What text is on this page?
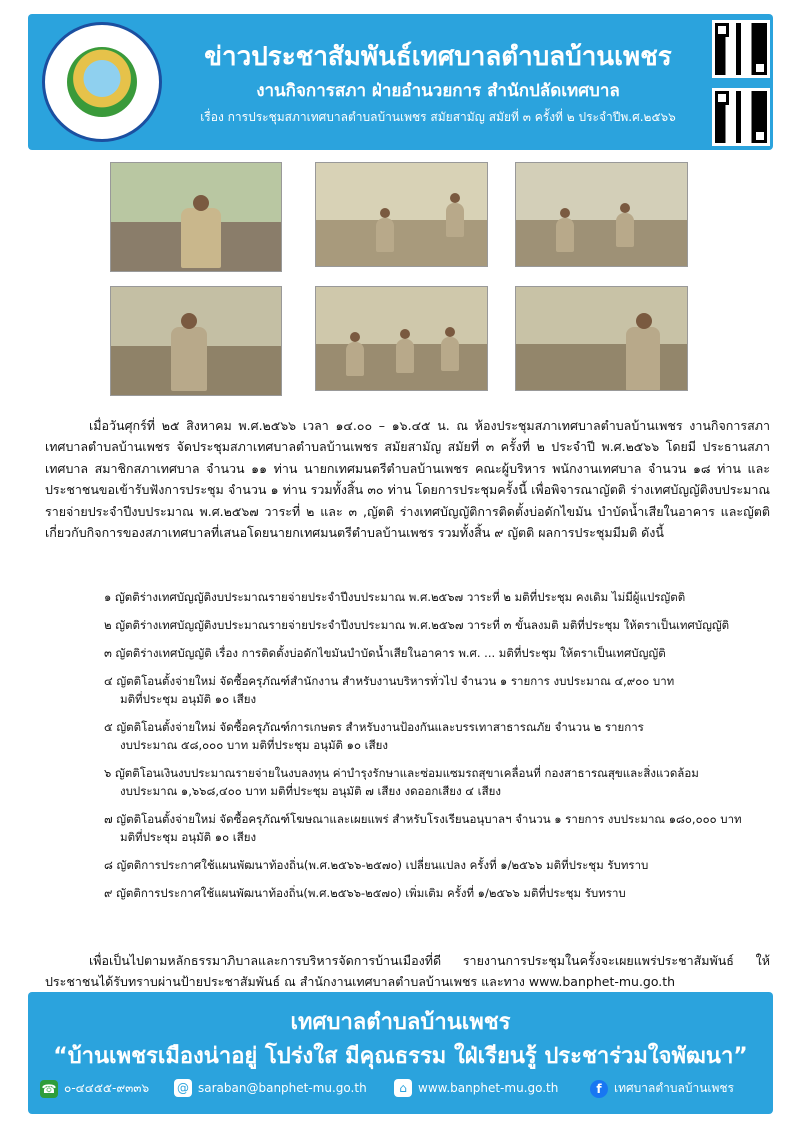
ข่าวประชาสัมพันธ์เทศบาลตำบลบ้านเพชร
งานกิจการสภา ฝ่ายอำนวยการ สำนักปลัดเทศบาล
เรื่อง การประชุมสภาเทศบาลตำบลบ้านเพชร สมัยสามัญ สมัยที่ ๓ ครั้งที่ ๒ ประจำปีพ.ศ.๒๕๖๖

เมื่อวันศุกร์ที่ ๒๕ สิงหาคม พ.ศ.๒๕๖๖ เวลา ๑๔.๐๐ – ๑๖.๔๕ น. ณ ห้องประชุมสภาเทศบาลตำบลบ้านเพชร งานกิจการสภาเทศบาลตำบลบ้านเพชร จัดประชุมสภาเทศบาลตำบลบ้านเพชร สมัยสามัญ สมัยที่ ๓ ครั้งที่ ๒ ประจำปี พ.ศ.๒๕๖๖ โดยมี ประธานสภาเทศบาล สมาชิกสภาเทศบาล จำนวน ๑๑ ท่าน นายกเทศมนตรีตำบลบ้านเพชร คณะผู้บริหาร พนักงานเทศบาล จำนวน ๑๘ ท่าน และประชาชนขอเข้ารับฟังการประชุม จำนวน ๑ ท่าน รวมทั้งสิ้น ๓๐ ท่าน โดยการประชุมครั้งนี้ เพื่อพิจารณาญัตติ ร่างเทศบัญญัติงบประมาณรายจ่ายประจำปีงบประมาณ พ.ศ.๒๕๖๗ วาระที่ ๒ และ ๓ ,ญัตติ ร่างเทศบัญญัติการติดตั้งบ่อดักไขมัน บำบัดน้ำเสียในอาคาร และญัตติเกี่ยวกับกิจการของสภาเทศบาลที่เสนอโดยนายกเทศมนตรีตำบลบ้านเพชร รวมทั้งสิ้น ๙ ญัตติ ผลการประชุมมีมติ ดังนี้

๑ ญัตติร่างเทศบัญญัติงบประมาณรายจ่ายประจำปีงบประมาณ พ.ศ.๒๕๖๗ วาระที่ ๒ มติที่ประชุม คงเดิม ไม่มีผู้แปรญัตติ
๒ ญัตติร่างเทศบัญญัติงบประมาณรายจ่ายประจำปีงบประมาณ พ.ศ.๒๕๖๗ วาระที่ ๓ ขั้นลงมติ มติที่ประชุม ให้ตราเป็นเทศบัญญัติ
๓ ญัตติร่างเทศบัญญัติ เรื่อง การติดตั้งบ่อดักไขมันบำบัดน้ำเสียในอาคาร พ.ศ. ... มติที่ประชุม ให้ตราเป็นเทศบัญญัติ
๔ ญัตติโอนตั้งจ่ายใหม่ จัดซื้อครุภัณฑ์สำนักงาน สำหรับงานบริหารทั่วไป จำนวน ๑ รายการ งบประมาณ ๔,๙๐๐ บาท
มติที่ประชุม อนุมัติ ๑๐ เสียง
๕ ญัตติโอนตั้งจ่ายใหม่ จัดซื้อครุภัณฑ์การเกษตร สำหรับงานป้องกันและบรรเทาสาธารณภัย จำนวน ๒ รายการ
งบประมาณ ๕๘,๐๐๐ บาท มติที่ประชุม อนุมัติ ๑๐ เสียง
๖ ญัตติโอนเงินงบประมาณรายจ่ายในงบลงทุน ค่าบำรุงรักษาและซ่อมแซมรถสุขาเคลื่อนที่ กองสาธารณสุขและสิ่งแวดล้อม
งบประมาณ ๑,๖๖๘,๔๐๐ บาท มติที่ประชุม อนุมัติ ๗ เสียง งดออกเสียง ๔ เสียง
๗ ญัตติโอนตั้งจ่ายใหม่ จัดซื้อครุภัณฑ์โฆษณาและเผยแพร่ สำหรับโรงเรียนอนุบาลฯ จำนวน ๑ รายการ งบประมาณ ๑๘๐,๐๐๐ บาท
มติที่ประชุม อนุมัติ ๑๐ เสียง
๘ ญัตติการประกาศใช้แผนพัฒนาท้องถิ่น(พ.ศ.๒๕๖๖-๒๕๗๐) เปลี่ยนแปลง ครั้งที่ ๑/๒๕๖๖ มติที่ประชุม รับทราบ
๙ ญัตติการประกาศใช้แผนพัฒนาท้องถิ่น(พ.ศ.๒๕๖๖-๒๕๗๐) เพิ่มเติม ครั้งที่ ๑/๒๕๖๖ มติที่ประชุม รับทราบ

เพื่อเป็นไปตามหลักธรรมาภิบาลและการบริหารจัดการบ้านเมืองที่ดี รายงานการประชุมในครั้งจะเผยแพร่ประชาสัมพันธ์ ให้ประชาชนได้รับทราบผ่านป้ายประชาสัมพันธ์ ณ สำนักงานเทศบาลตำบลบ้านเพชร และทาง www.banphet-mu.go.th

เทศบาลตำบลบ้านเพชร
“บ้านเพชรเมืองน่าอยู่ โปร่งใส มีคุณธรรม ใฝ่เรียนรู้ ประชาร่วมใจพัฒนา”
☎ ๐-๔๔๕๕-๙๓๓๖ @ saraban@banphet-mu.go.th	⌂ www.banphet-mu.go.th	f	เทศบาลตำบลบ้านเพชร
